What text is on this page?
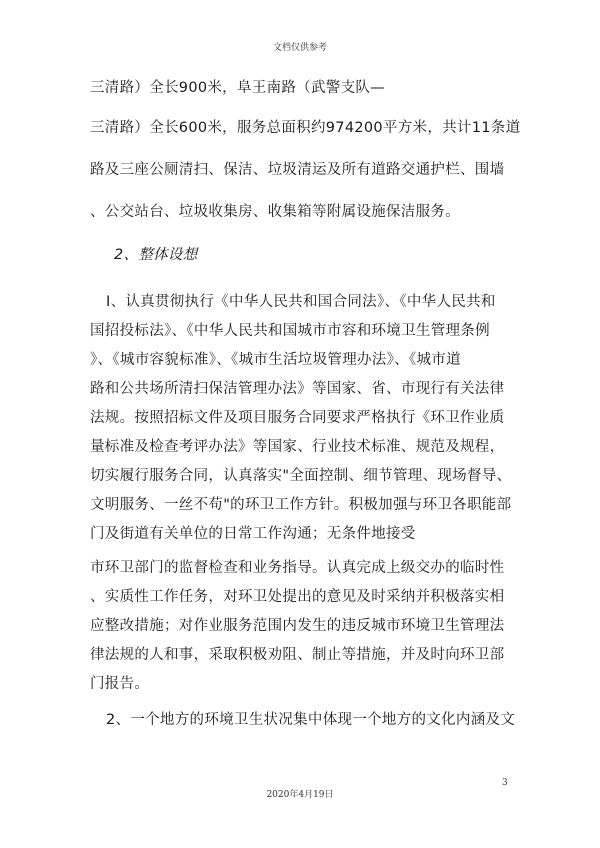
文档仅供参考
三清路）全长900米，阜王南路（武警支队—
三清路）全长600米，服务总面积约974200平方米，共计11条道
路及三座公厕清扫、保洁、垃圾清运及所有道路交通护栏、围墙
、公交站台、垃圾收集房、收集箱等附属设施保洁服务。
2、整体设想
Ⅰ、认真贯彻执行《中华人民共和国合同法》、《中华人民共和
国招投标法》、《中华人民共和国城市市容和环境卫生管理条例
》、《城市容貌标准》、《城市生活垃圾管理办法》、《城市道
路和公共场所清扫保洁管理办法》等国家、省、市现行有关法律
法规。按照招标文件及项目服务合同要求严格执行《环卫作业质
量标准及检查考评办法》等国家、行业技术标准、规范及规程，
切实履行服务合同，认真落实"全面控制、细节管理、现场督导、
文明服务、一丝不苟"的环卫工作方针。积极加强与环卫各职能部
门及街道有关单位的日常工作沟通；无条件地接受
市环卫部门的监督检查和业务指导。认真完成上级交办的临时性
、实质性工作任务，对环卫处提出的意见及时采纳并积极落实相
应整改措施；对作业服务范围内发生的违反城市环境卫生管理法
律法规的人和事，采取积极劝阻、制止等措施，并及时向环卫部
门报告。
2、一个地方的环境卫生状况集中体现一个地方的文化内涵及文
3
2020年4月19日
